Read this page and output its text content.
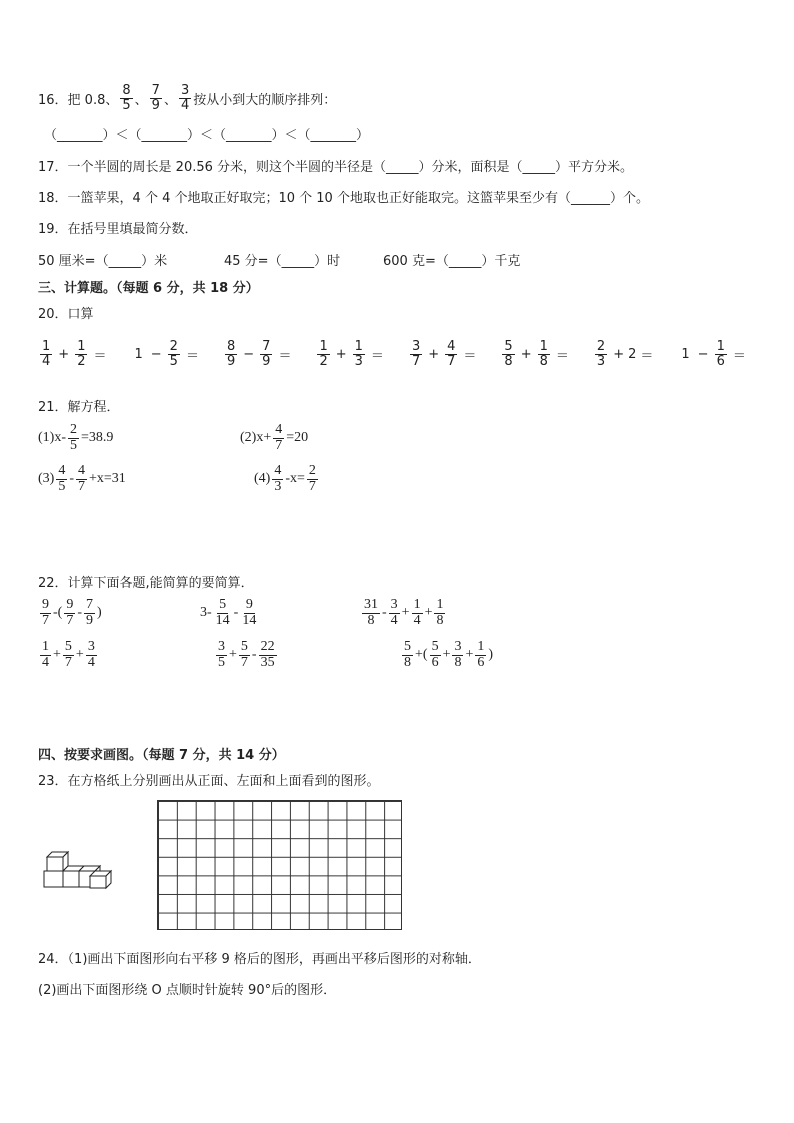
16．把 0.8、 $\frac{8}{5}$ 、 $\frac{7}{9}$ 、 $\frac{3}{4}$ 按从小到大的顺序排列：
（_______）＜（_______）＜（_______）＜（_______）
17．一个半圆的周长是 20.56 分米，则这个半圆的半径是（_____）分米，面积是（_____）平方分米。
18．一篮苹果，4 个 4 个地取正好取完；10 个 10 个地取也正好能取完。这篮苹果至少有（______）个。
19．在括号里填最简分数．
50 厘米=（_____）米	45 分=（_____）时	600 克=（_____）千克
三、计算题。（每题 6 分，共 18 分）
20．口算
$\frac{1}{4} + \frac{1}{2} = 1 - \frac{2}{5} = \frac{8}{9} - \frac{7}{9} = \frac{1}{2} + \frac{1}{3} = \frac{3}{7} + \frac{4}{7} = \frac{5}{8} + \frac{1}{8} = \frac{2}{3} + 2 = 1 - \frac{1}{6}$ ＝
21．解方程．
$(1)x- \frac{2}{5} =38.9$	$(2)x+ \frac{4}{7} =20$
$(3) \frac{4}{5} - \frac{4}{7} +x=31$	$(4) \frac{4}{3} -x= \frac{2}{7}$
22．计算下面各题,能简算的要简算．
$\frac{9}{7}$ -( $\frac{9}{7} - \frac{7}{9}$ )	$3- \frac{5}{14} - \frac{9}{14}$	$\frac{31}{8} - \frac{3}{4} + \frac{1}{4} + \frac{1}{8}$
$\frac{1}{4} + \frac{5}{7} + \frac{3}{4}$	$\frac{3}{5} + \frac{5}{7} - \frac{22}{35}$	$\frac{5}{8}$ +( $\frac{5}{6} + \frac{3}{8} + \frac{1}{6}$ )
四、按要求画图。（每题 7 分，共 14 分）
23．在方格纸上分别画出从正面、左面和上面看到的图形。
24．（1)画出下面图形向右平移 9 格后的图形，再画出平移后图形的对称轴．
(2)画出下面图形绕 O 点顺时针旋转 90°后的图形．
